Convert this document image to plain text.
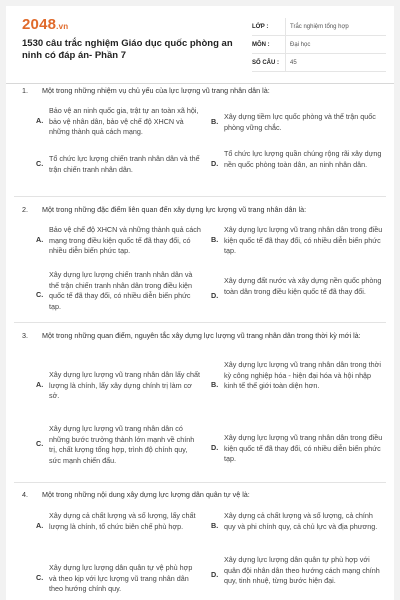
2048.vn
1530 câu trắc nghiệm Giáo dục quốc phòng an ninh có đáp án- Phần 7
LỚP :	Trắc nghiệm tổng hợp
MÔN :	Đại học
SỐ CÂU :	45
1. Một trong những nhiệm vụ chủ yếu của lực lượng vũ trang nhân dân là:
A.
Bảo vệ an ninh quốc gia, trật tự an toàn xã hội, bảo vệ nhân dân, bảo vệ chế độ XHCN và những thành quả cách mạng.
B.
Xây dựng tiềm lực quốc phòng và thế trận quốc phòng vững chắc.
C.
Tổ chức lực lượng chiến tranh nhân dân và thế trận chiến tranh nhân dân.
D.
Tổ chức lực lượng quần chúng rộng rãi xây dựng nền quốc phòng toàn dân, an ninh nhân dân.
2. Một trong những đặc điểm liên quan đến xây dựng lực lượng vũ trang nhân dân là:
A.
Bảo vệ chế độ XHCN và những thành quả cách mạng trong điều kiện quốc tế đã thay đổi, có nhiều diễn biến phức tạp.
B.
Xây dựng lực lượng vũ trang nhân dân trong điều kiện quốc tế đã thay đổi, có nhiều diễn biến phức tạp.
C.
Xây dựng lực lượng chiến tranh nhân dân và thế trận chiến tranh nhân dân trong điều kiện quốc tế đã thay đổi, có nhiều diễn biến phức tạp.
D.
Xây dựng đất nước và xây dựng nền quốc phòng toàn dân trong điều kiện quốc tế đã thay đổi.
3. Một trong những quan điểm, nguyên tắc xây dựng lực lượng vũ trang nhân dân trong thời kỳ mới là:
A.
Xây dựng lực lượng vũ trang nhân dân lấy chất lượng là chính, lấy xây dựng chính trị làm cơ sở.
B.
Xây dựng lực lượng vũ trang nhân dân trong thời kỳ công nghiệp hóa - hiện đại hóa và hội nhập kinh tế thế giới toàn diện hơn.
C.
Xây dựng lực lượng vũ trang nhân dân có những bước trưởng thành lớn mạnh về chính trị, chất lượng tổng hợp, trình độ chính quy, sức mạnh chiến đấu.
D.
Xây dựng lực lượng vũ trang nhân dân trong điều kiện quốc tế đã thay đổi, có nhiều diễn biến phức tạp.
4. Một trong những nội dung xây dựng lực lượng dân quân tự vệ là:
A.
Xây dựng cả chất lượng và số lượng, lấy chất lượng là chính, tổ chức biên chế phù hợp.	B.
Xây dựng cả chất lượng và số lượng, cả chính quy và phi chính quy, cả chủ lực và địa phương.
C.
Xây dựng lực lượng dân quân tự vệ phù hợp và theo kịp với lực lượng vũ trang nhân dân theo hướng chính quy.
D.
Xây dựng lực lượng dân quân tự phù hợp với quân đội nhân dân theo hướng cách mạng chính quy, tinh nhuệ, từng bước hiện đại.
